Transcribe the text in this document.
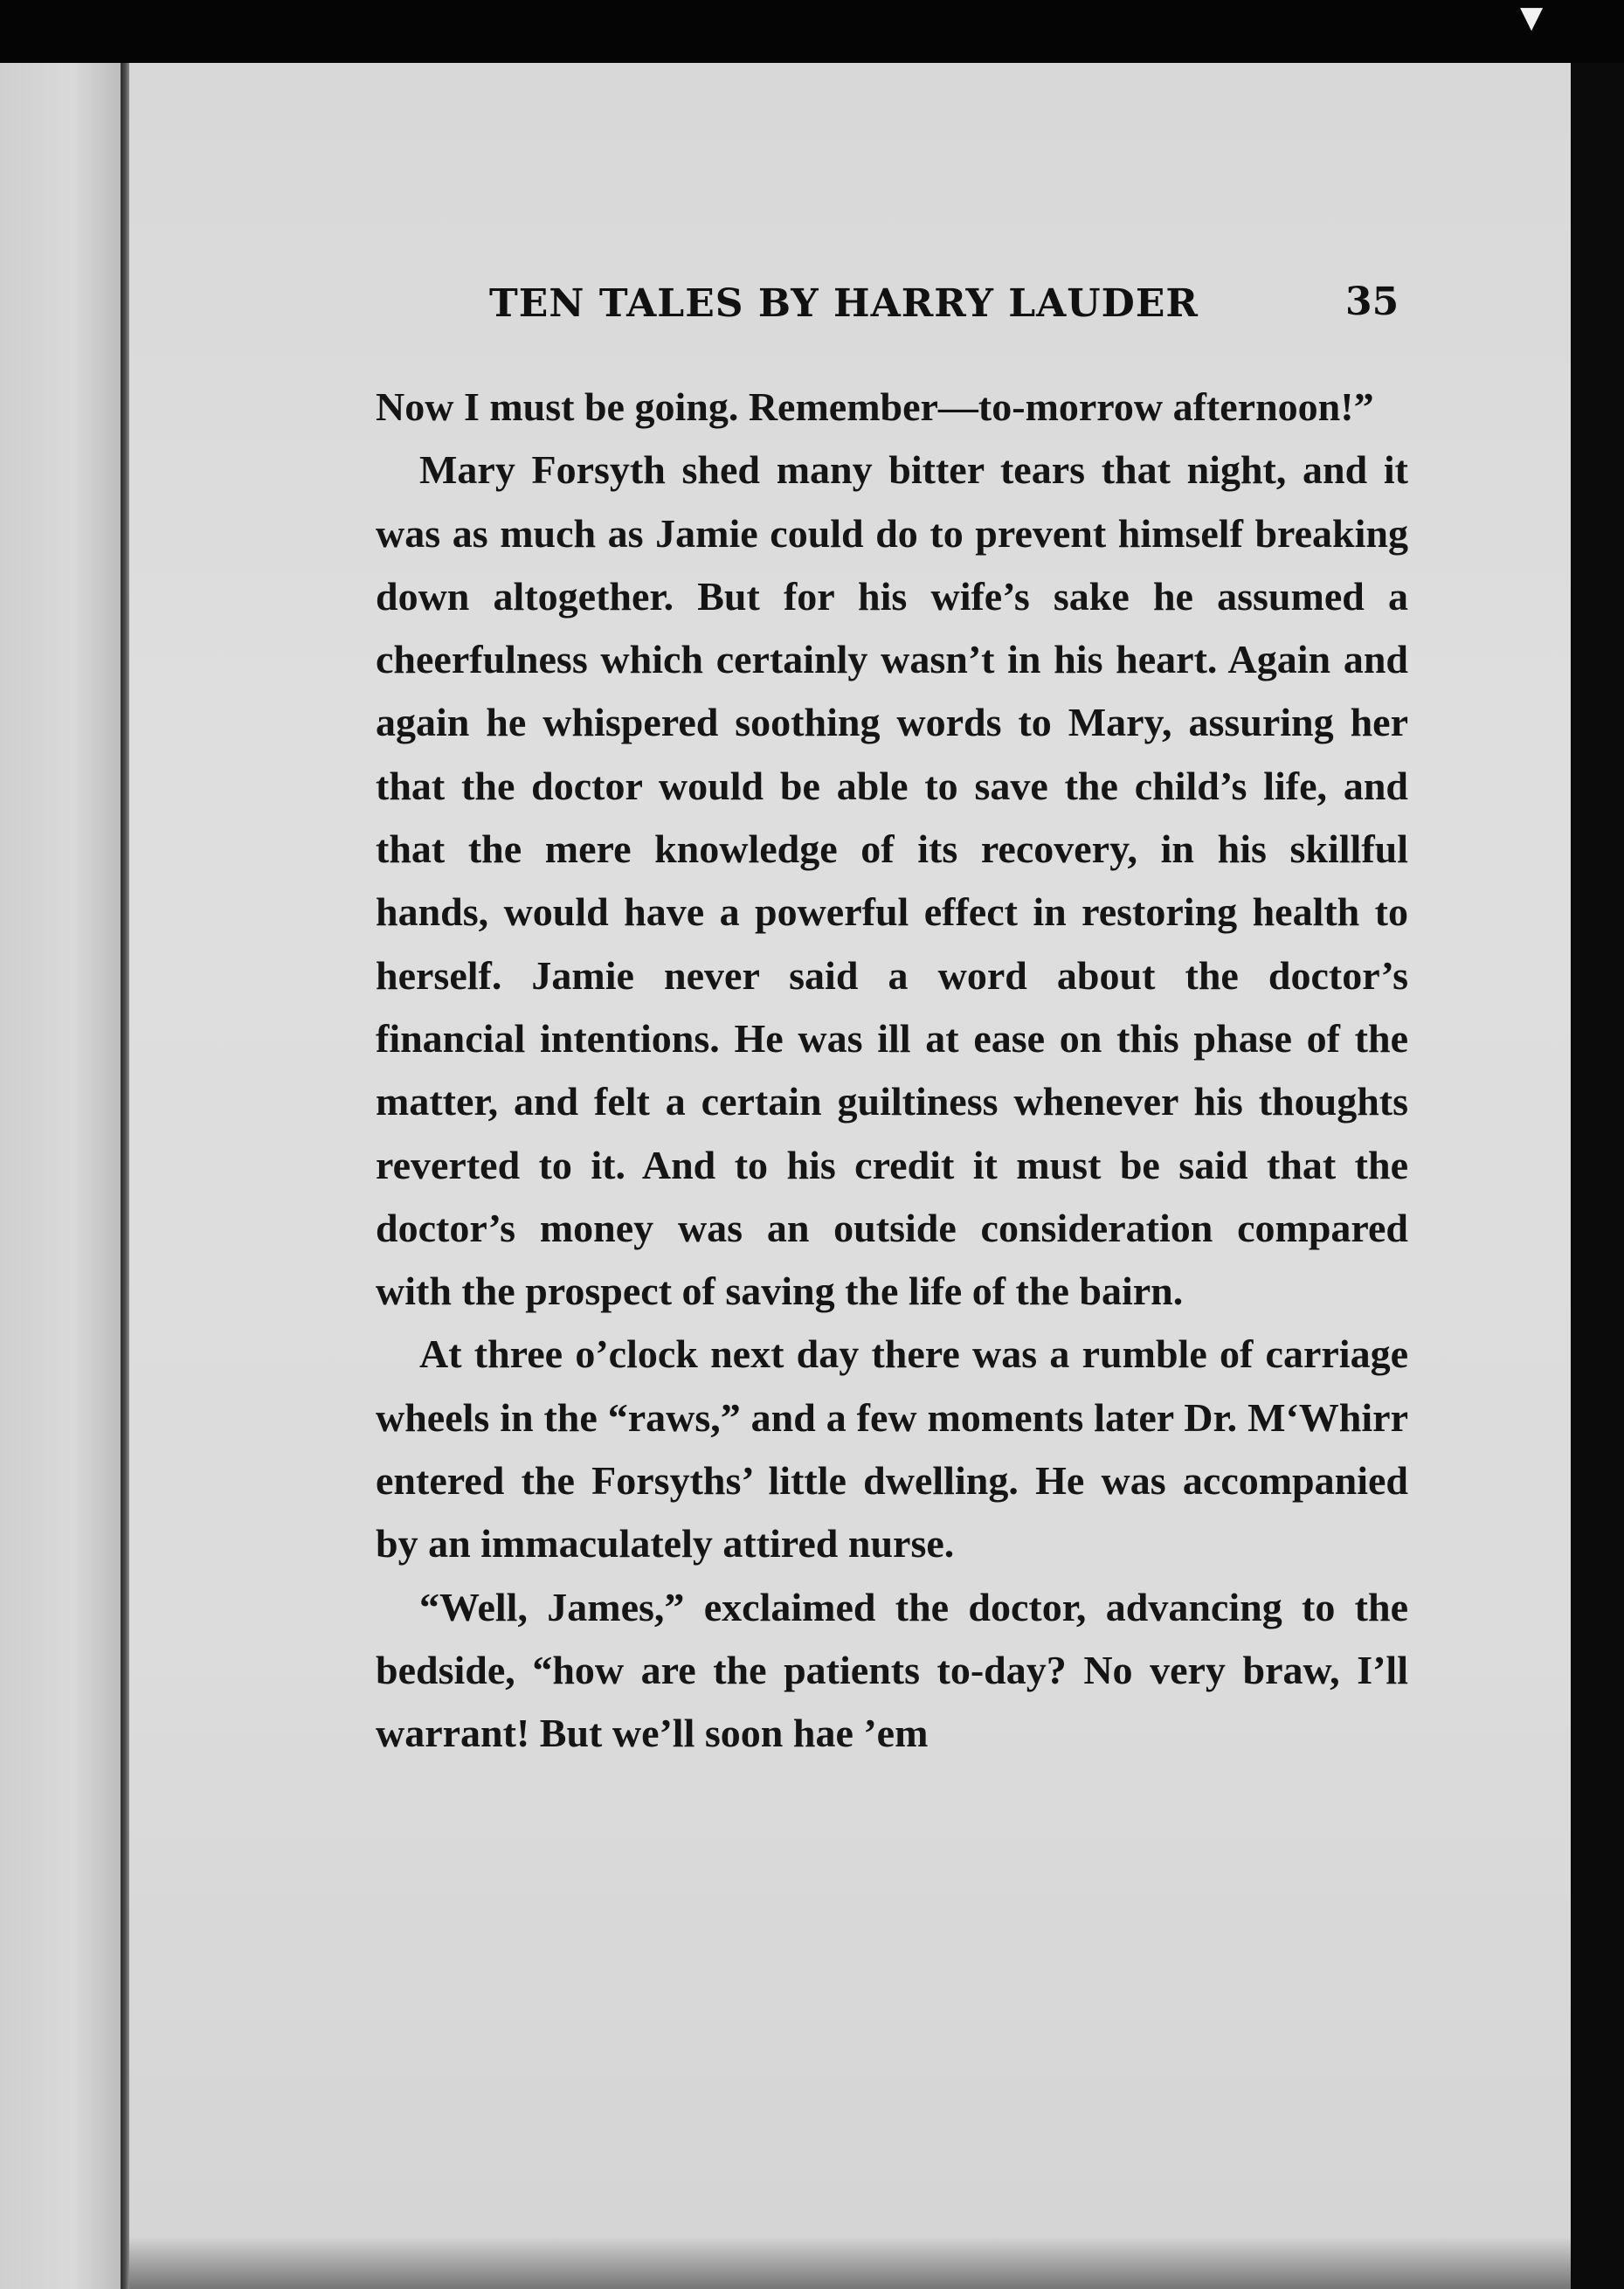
▼
TEN TALES BY HARRY LAUDER	35

Now I must be going. Remember—to-morrow afternoon!”

Mary Forsyth shed many bitter tears that night, and it was as much as Jamie could do to prevent himself breaking down altogether. But for his wife’s sake he assumed a cheerfulness which certainly wasn’t in his heart. Again and again he whispered soothing words to Mary, assuring her that the doctor would be able to save the child’s life, and that the mere knowledge of its recovery, in his skillful hands, would have a powerful effect in restoring health to herself. Jamie never said a word about the doctor’s financial intentions. He was ill at ease on this phase of the matter, and felt a certain guiltiness whenever his thoughts reverted to it. And to his credit it must be said that the doctor’s money was an outside consideration compared with the prospect of saving the life of the bairn.

At three o’clock next day there was a rumble of carriage wheels in the “raws,” and a few moments later Dr. M‘Whirr entered the Forsyths’ little dwelling. He was accompanied by an immaculately attired nurse.

“Well, James,” exclaimed the doctor, advancing to the bedside, “how are the patients to-day? No very braw, I’ll warrant! But we’ll soon hae ’em
